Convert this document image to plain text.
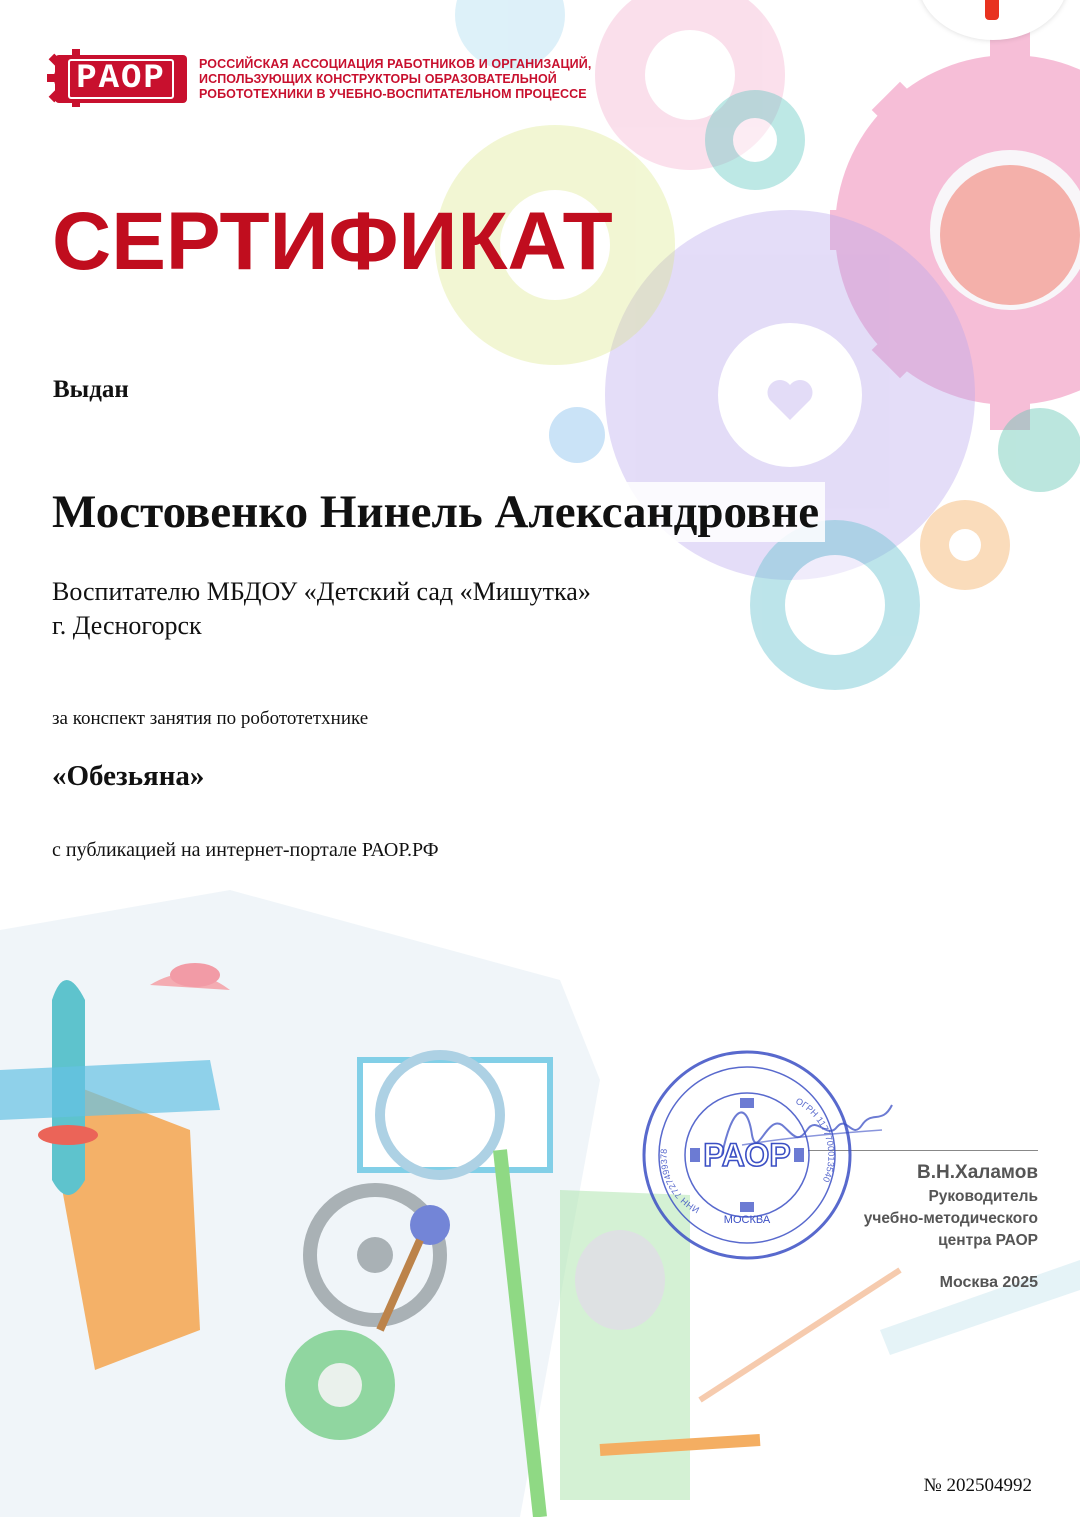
РАОР	РОССИЙСКАЯ АССОЦИАЦИЯ РАБОТНИКОВ И ОРГАНИЗАЦИЙ,
ИСПОЛЬЗУЮЩИХ КОНСТРУКТОРЫ ОБРАЗОВАТЕЛЬНОЙ
РОБОТОТЕХНИКИ В УЧЕБНО-ВОСПИТАТЕЛЬНОМ ПРОЦЕССЕ
СЕРТИФИКАТ
Выдан
Мостовенко Нинель Александровне
Воспитателю МБДОУ «Детский сад «Мишутка»
г. Десногорск
за конспект занятия по робототетхнике
«Обезьяна»
с публикацией на интернет-портале РАОР.РФ
ИНН 7727499378
ОГРН 1177700013540
РАОР
МОСКВА
В.Н.Халамов
Руководитель
учебно-методического
центра РАОР
Москва 2025
№ 202504992
